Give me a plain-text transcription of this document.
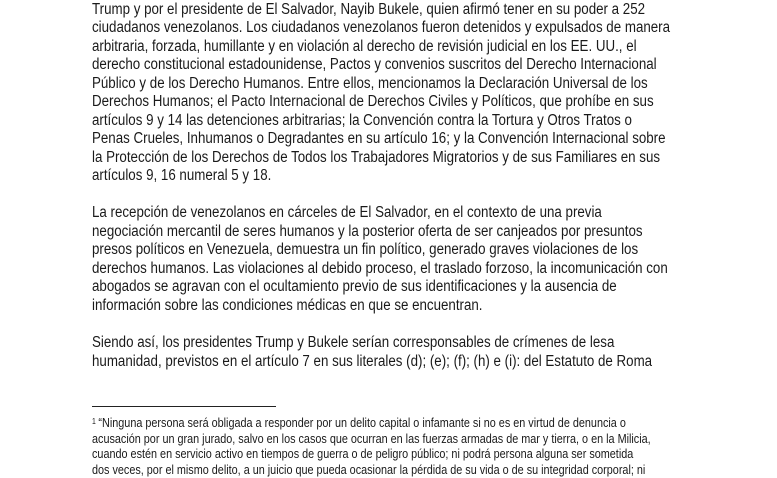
Trump y por el presidente de El Salvador, Nayib Bukele, quien afirmó tener en su poder a 252
ciudadanos venezolanos. Los ciudadanos venezolanos fueron detenidos y expulsados de manera
arbitraria, forzada, humillante y en violación al derecho de revisión judicial en los EE. UU., el
derecho constitucional estadounidense, Pactos y convenios suscritos del Derecho Internacional
Público y de los Derecho Humanos. Entre ellos, mencionamos la Declaración Universal de los
Derechos Humanos; el Pacto Internacional de Derechos Civiles y Políticos, que prohíbe en sus
artículos 9 y 14 las detenciones arbitrarias; la Convención contra la Tortura y Otros Tratos o
Penas Crueles, Inhumanos o Degradantes en su artículo 16; y la Convención Internacional sobre
la Protección de los Derechos de Todos los Trabajadores Migratorios y de sus Familiares en sus
artículos 9, 16 numeral 5 y 18.
La recepción de venezolanos en cárceles de El Salvador, en el contexto de una previa
negociación mercantil de seres humanos y la posterior oferta de ser canjeados por presuntos
presos políticos en Venezuela, demuestra un fin político, generado graves violaciones de los
derechos humanos. Las violaciones al debido proceso, el traslado forzoso, la incomunicación con
abogados se agravan con el ocultamiento previo de sus identificaciones y la ausencia de
información sobre las condiciones médicas en que se encuentran.
Siendo así, los presidentes Trump y Bukele serían corresponsables de crímenes de lesa
humanidad, previstos en el artículo 7 en sus literales (d); (e); (f); (h) e (i): del Estatuto de Roma
$^1$ “Ninguna persona será obligada a responder por un delito capital o infamante si no es en virtud de denuncia o
acusación por un gran jurado, salvo en los casos que ocurran en las fuerzas armadas de mar y tierra, o en la Milicia,
cuando estén en servicio activo en tiempos de guerra o de peligro público; ni podrá persona alguna ser sometida
dos veces, por el mismo delito, a un juicio que pueda ocasionar la pérdida de su vida o de su integridad corporal; ni
